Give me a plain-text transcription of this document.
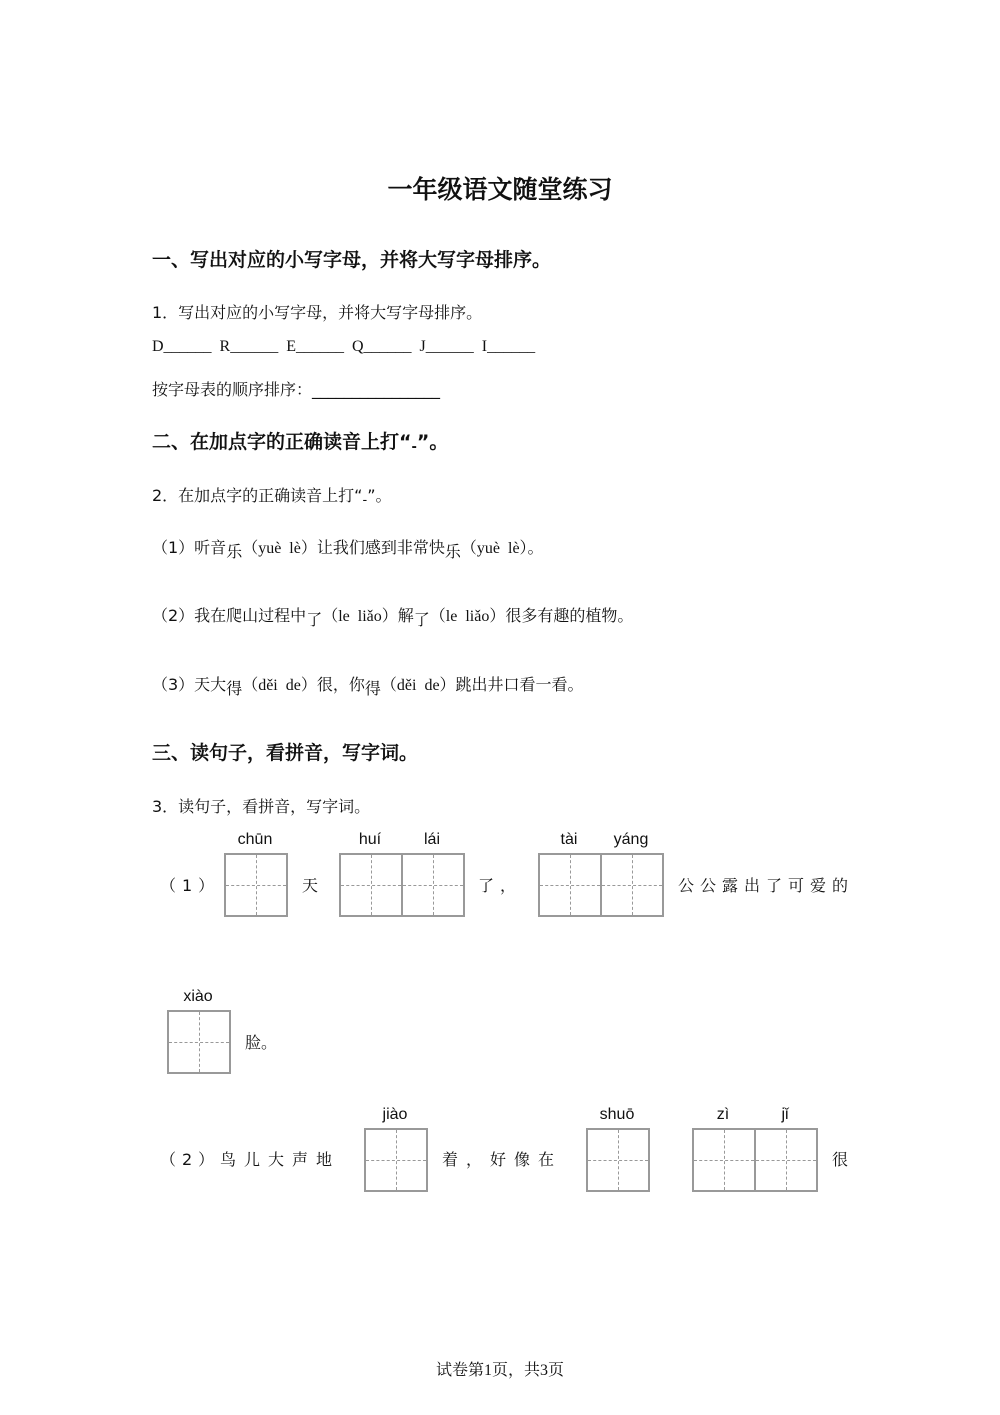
一年级语文随堂练习
一、写出对应的小写字母，并将大写字母排序。
1．写出对应的小写字母，并将大写字母排序。
D______  R______  E______  Q______  J______  I______
按字母表的顺序排序：________________
二、在加点字的正确读音上打“-”。
2．在加点字的正确读音上打“-”。
（1）听音乐（yuè  lè）让我们感到非常快乐（yuè  lè）。
（2）我在爬山过程中了（le  liǎo）解了（le  liǎo）很多有趣的植物。
（3）天大得（děi  de）很，你得（děi  de）跳出井口看一看。
三、读句子，看拼音，写字词。
3．读句子，看拼音，写字词。
（1）
chūn
天
huí	lái
了，
tài	yáng
公公露出了可爱的
xiào
脸。
（2） 鸟儿大声地
jiào
着，好像在
shuō	zì	jǐ
很
试卷第1页，共3页
